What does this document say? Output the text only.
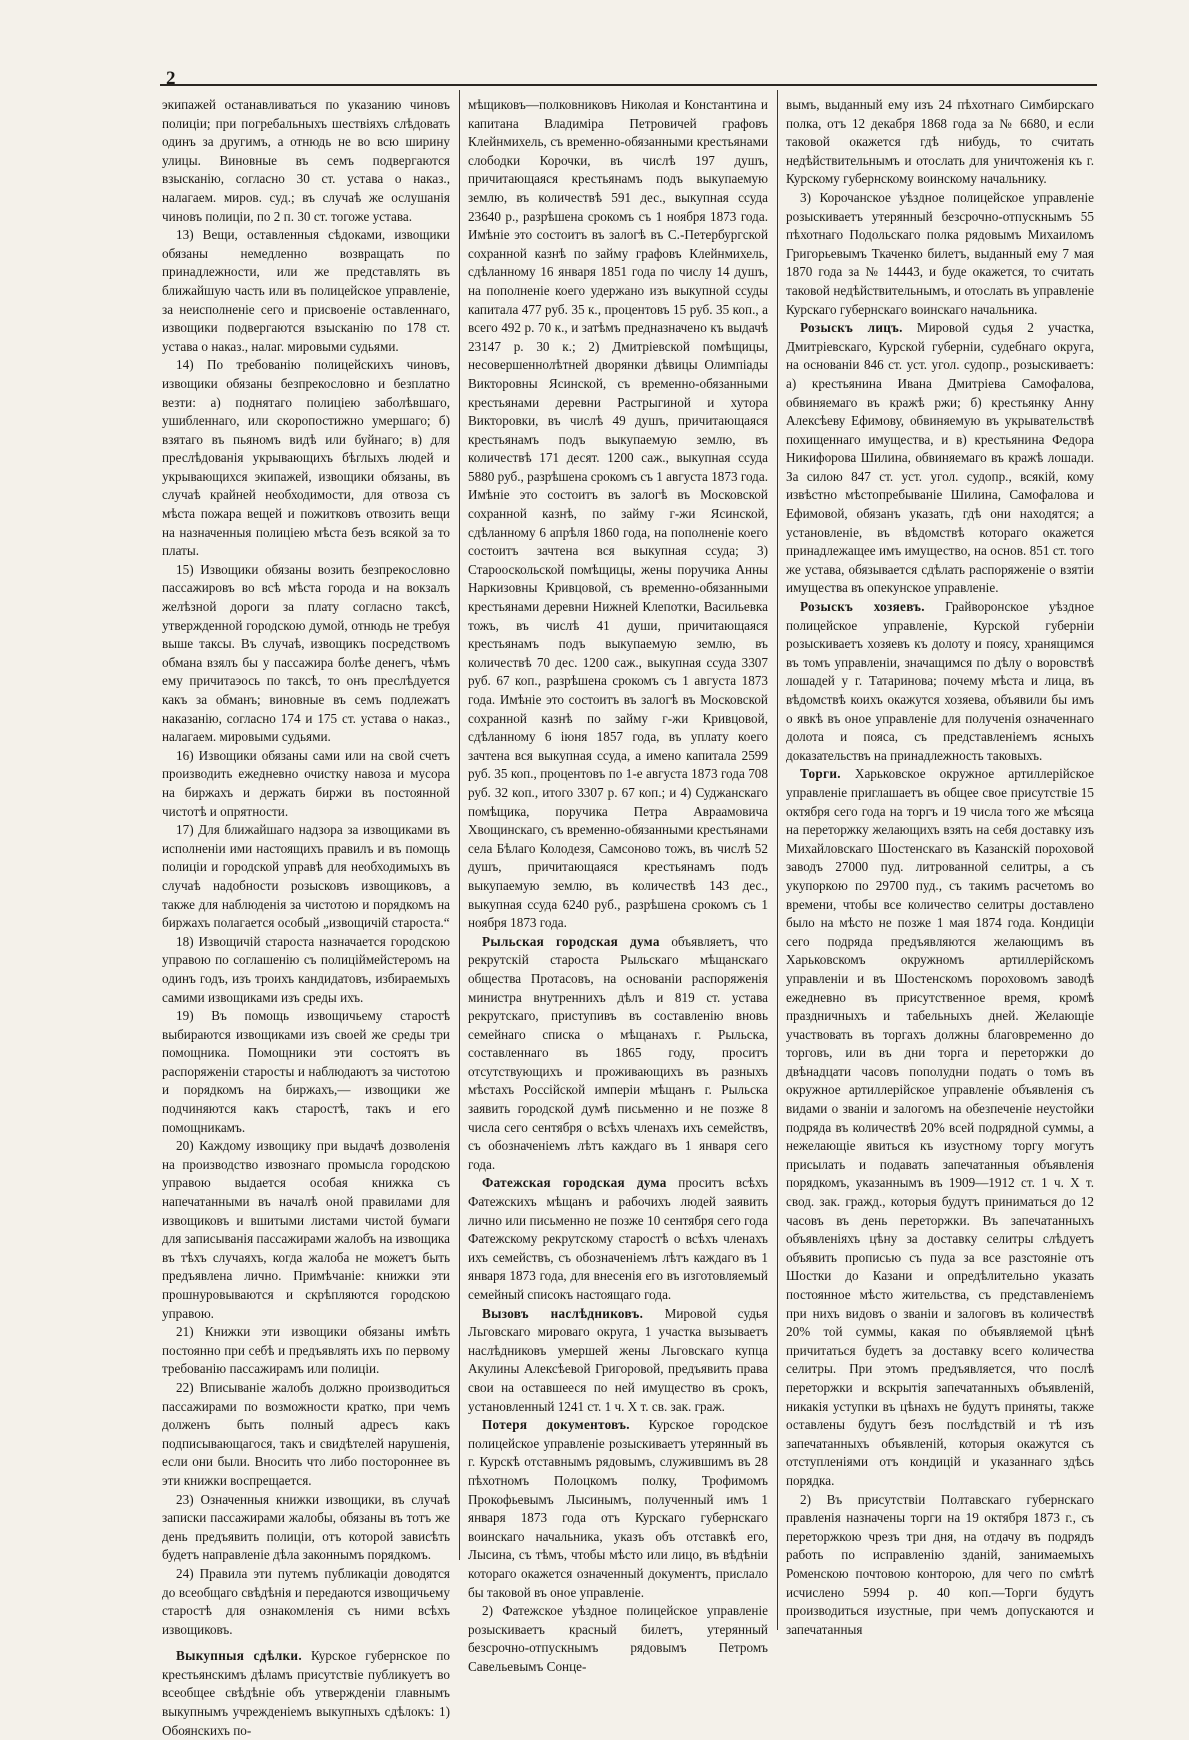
2

экипажей останавливаться по указанию чиновъ полиціи; при погребальныхъ шествіяхъ слѣдовать одинъ за другимъ, а отнюдь не во всю ширину улицы. Виновные въ семъ подвергаются взысканію, согласно 30 ст. устава о наказ., налагаем. миров. суд.; въ случаѣ же ослушанія чиновъ полиціи, по 2 п. 30 ст. тогоже устава.

13) Вещи, оставленныя сѣдоками, извощики обязаны немедленно возвращать по принадлежности, или же представлять въ ближайшую часть или въ полицейское управленіе, за неисполненіе сего и присвоеніе оставленнаго, извощики подвергаются взысканію по 178 ст. устава о наказ., налаг. мировыми судьями.

14) По требованію полицейскихъ чиновъ, извощики обязаны безпрекословно и безплатно везти: а) поднятаго полиціею заболѣвшаго, ушибленнаго, или скоропостижно умершаго; б) взятаго въ пьяномъ видѣ или буйнаго; в) для преслѣдованія укрывающихъ бѣглыхъ людей и укрывающихся экипажей, извощики обязаны, въ случаѣ крайней необходимости, для отвоза съ мѣста пожара вещей и пожитковъ отвозить вещи на назначенныя полиціею мѣста безъ всякой за то платы.

15) Извощики обязаны возить безпрекословно пассажировъ во всѣ мѣста города и на вокзалъ желѣзной дороги за плату согласно таксѣ, утвержденной городскою думой, отнюдь не требуя выше таксы. Въ случаѣ, извощикъ посредствомъ обмана взялъ бы у пассажира болѣе денегъ, чѣмъ ему причитаэось по таксѣ, то онъ преслѣдуется какъ за обманъ; виновные въ семъ подлежатъ наказанію, согласно 174 и 175 ст. устава о наказ., налагаем. мировыми судьями.

16) Извощики обязаны сами или на свой счетъ производить ежедневно очистку навоза и мусора на биржахъ и держать биржи въ постоянной чистотѣ и опрятности.

17) Для ближайшаго надзора за извощиками въ исполненіи ими настоящихъ правилъ и въ помощь полиціи и городской управѣ для необходимыхъ въ случаѣ надобности розысковъ извощиковъ, а также для наблюденія за чистотою и порядкомъ на биржахъ полагается особый „извощичій староста.“

18) Извощичій староста назначается городскою управою по соглашенію съ полиціймейстеромъ на одинъ годъ, изъ троихъ кандидатовъ, избираемыхъ самими извощиками изъ среды ихъ.

19) Въ помощь извощичьему старостѣ выбираются извощиками изъ своей же среды три помощника. Помощники эти состоятъ въ распоряженіи старосты и наблюдаютъ за чистотою и порядкомъ на биржахъ,— извощики же подчиняются какъ старостѣ, такъ и его помощникамъ.

20) Каждому извощику при выдачѣ дозволенія на производство извознаго промысла городскою управою выдается особая книжка съ напечатанными въ началѣ оной правилами для извощиковъ и вшитыми листами чистой бумаги для записыванія пассажирами жалобъ на извощика въ тѣхъ случаяхъ, когда жалоба не можетъ быть предъявлена лично. Примѣчаніе: книжки эти прошнуровываются и скрѣпляются городскою управою.

21) Книжки эти извощики обязаны имѣть постоянно при себѣ и предъявлять ихъ по первому требованію пассажирамъ или полиціи.

22) Вписываніе жалобъ должно производиться пассажирами по возможности кратко, при чемъ долженъ быть полный адресъ какъ подписывающагося, такъ и свидѣтелей нарушенія, если они были. Вносить что либо постороннее въ эти книжки воспрещается.

23) Означенныя книжки извощики, въ случаѣ записки пассажирами жалобы, обязаны въ тотъ же день предъявить полиціи, отъ которой зависѣть будетъ направленіе дѣла законнымъ порядкомъ.

24) Правила эти путемъ публикаціи доводятся до всеобщаго свѣдѣнія и передаются извощичьему старостѣ для ознакомленія съ ними всѣхъ извощиковъ.

Выкупныя сдѣлки. Курское губернское по крестьянскимъ дѣламъ присутствіе публикуетъ во всеобщее свѣдѣніе объ утвержденіи главнымъ выкупнымъ учрежденіемъ выкупныхъ сдѣлокъ: 1) Обоянскихъ по-

мѣщиковъ—полковниковъ Николая и Константина и капитана Владиміра Петровичей графовъ Клейнмихель, съ временно-обязанными крестьянами слободки Корочки, въ числѣ 197 душъ, причитающаяся крестьянамъ подъ выкупаемую землю, въ количествѣ 591 дес., выкупная ссуда 23640 р., разрѣшена срокомъ съ 1 ноября 1873 года. Имѣніе это состоитъ въ залогѣ въ С.-Петербургской сохранной казнѣ по займу графовъ Клейнмихель, сдѣланному 16 января 1851 года по числу 14 душъ, на пополненіе коего удержано изъ выкупной ссуды капитала 477 руб. 35 к., процентовъ 15 руб. 35 коп., а всего 492 р. 70 к., и затѣмъ предназначено къ выдачѣ 23147 р. 30 к.; 2) Дмитріевской помѣщицы, несовершеннолѣтней дворянки дѣвицы Олимпіады Викторовны Ясинской, съ временно-обязанными крестьянами деревни Растрыгиной и хутора Викторовки, въ числѣ 49 душъ, причитающаяся крестьянамъ подъ выкупаемую землю, въ количествѣ 171 десят. 1200 саж., выкупная ссуда 5880 руб., разрѣшена срокомъ съ 1 августа 1873 года. Имѣніе это состоитъ въ залогѣ въ Московской сохранной казнѣ, по займу г-жи Ясинской, сдѣланному 6 апрѣля 1860 года, на пополненіе коего состоитъ зачтена вся выкупная ссуда; 3) Старооскольской помѣщицы, жены поручика Анны Наркизовны Кривцовой, съ временно-обязанными крестьянами деревни Нижней Клепотки, Васильевка тожъ, въ числѣ 41 души, причитающаяся крестьянамъ подъ выкупаемую землю, въ количествѣ 70 дес. 1200 саж., выкупная ссуда 3307 руб. 67 коп., разрѣшена срокомъ съ 1 августа 1873 года. Имѣніе это состоитъ въ залогѣ въ Московской сохранной казнѣ по займу г-жи Кривцовой, сдѣланному 6 іюня 1857 года, въ уплату коего зачтена вся выкупная ссуда, а имено капитала 2599 руб. 35 коп., процентовъ по 1-е августа 1873 года 708 руб. 32 коп., итого 3307 р. 67 коп.; и 4) Суджанскаго помѣщика, поручика Петра Авраамовича Хвощинскаго, съ временно-обязанными крестьянами села Бѣлаго Колодезя, Самсоново тожъ, въ числѣ 52 душъ, причитающаяся крестьянамъ подъ выкупаемую землю, въ количествѣ 143 дес., выкупная ссуда 6240 руб., разрѣшена срокомъ съ 1 ноября 1873 года.

Рыльская городская дума объявляетъ, что рекрутскій староста Рыльскаго мѣщанскаго общества Протасовъ, на основаніи распоряженія министра внутреннихъ дѣлъ и 819 ст. устава рекрутскаго, приступивъ въ составленію вновь семейнаго списка о мѣщанахъ г. Рыльска, составленнаго въ 1865 году, проситъ отсутствующихъ и проживающихъ въ разныхъ мѣстахъ Россійской имперіи мѣщанъ г. Рыльска заявить городской думѣ письменно и не позже 8 числа сего сентября о всѣхъ членахъ ихъ семействъ, съ обозначеніемъ лѣтъ каждаго въ 1 января сего года.

Фатежская городская дума проситъ всѣхъ Фатежскихъ мѣщанъ и рабочихъ людей заявить лично или письменно не позже 10 сентября сего года Фатежскому рекрутскому старостѣ о всѣхъ членахъ ихъ семействъ, съ обозначеніемъ лѣтъ каждаго въ 1 января 1873 года, для внесенія его въ изготовляемый семейный списокъ настоящаго года.

Вызовъ наслѣдниковъ. Мировой судья Льговскаго мироваго округа, 1 участка вызываетъ наслѣдниковъ умершей жены Льговскаго купца Акулины Алексѣевой Григоровой, предъявить права свои на оставшееся по ней имущество въ срокъ, установленный 1241 ст. 1 ч. X т. св. зак. граж.

Потеря документовъ. Курское городское полицейское управленіе розыскиваетъ утерянный въ г. Курскѣ отставнымъ рядовымъ, служившимъ въ 28 пѣхотномъ Полоцкомъ полку, Трофимомъ Прокофьевымъ Лысинымъ, полученный имъ 1 января 1873 года отъ Курскаго губернскаго воинскаго начальника, указъ объ отставкѣ его, Лысина, съ тѣмъ, чтобы мѣсто или лицо, въ вѣдѣніи котораго окажется означенный документъ, прислало бы таковой въ оное управленіе.

2) Фатежское уѣздное полицейское управленіе розыскиваетъ красный билетъ, утерянный безсрочно-отпускнымъ рядовымъ Петромъ Савельевымъ Сонце-

вымъ, выданный ему изъ 24 пѣхотнаго Симбирскаго полка, отъ 12 декабря 1868 года за № 6680, и если таковой окажется гдѣ нибудь, то считать недѣйствительнымъ и отослать для уничтоженія къ г. Курскому губернскому воинскому начальнику.

3) Корочанское уѣздное полицейское управленіе розыскиваетъ утерянный безсрочно-отпускнымъ 55 пѣхотнаго Подольскаго полка рядовымъ Михаиломъ Григорьевымъ Ткаченко билетъ, выданный ему 7 мая 1870 года за № 14443, и буде окажется, то считать таковой недѣйствительнымъ, и отослать въ управленіе Курскаго губернскаго воинскаго начальника.

Розыскъ лицъ. Мировой судья 2 участка, Дмитріевскаго, Курской губерніи, судебнаго округа, на основаніи 846 ст. уст. угол. судопр., розыскиваетъ: а) крестьянина Ивана Дмитріева Самофалова, обвиняемаго въ кражѣ ржи; б) крестьянку Анну Алексѣеву Ефимову, обвиняемую въ укрывательствѣ похищеннаго имущества, и в) крестьянина Федора Никифорова Шилина, обвиняемаго въ кражѣ лошади. За силою 847 ст. уст. угол. судопр., всякій, кому извѣстно мѣстопребываніе Шилина, Самофалова и Ефимовой, обязанъ указать, гдѣ они находятся; а установленіе, въ вѣдомствѣ котораго окажется принадлежащее имъ имущество, на основ. 851 ст. того же устава, обязывается сдѣлать распоряженіе о взятіи имущества въ опекунское управленіе.

Розыскъ хозяевъ. Грайворонское уѣздное полицейское управленіе, Курской губерніи розыскиваетъ хозяевъ къ долоту и поясу, хранящимся въ томъ управленіи, значащимся по дѣлу о воровствѣ лошадей у г. Татаринова; почему мѣста и лица, въ вѣдомствѣ коихъ окажутся хозяева, объявили бы имъ о явкѣ въ оное управленіе для полученія означеннаго долота и пояса, съ представленіемъ ясныхъ доказательствъ на принадлежность таковыхъ.

Торги. Харьковское окружное артиллерійское управленіе приглашаетъ въ общее свое присутствіе 15 октября сего года на торгъ и 19 числа того же мѣсяца на переторжку желающихъ взять на себя доставку изъ Михайловскаго Шостенскаго въ Казанскій пороховой заводъ 27000 пуд. литрованной селитры, а съ укупоркою по 29700 пуд., съ такимъ расчетомъ во времени, чтобы все количество селитры доставлено было на мѣсто не позже 1 мая 1874 года. Кондиціи сего подряда предъявляются желающимъ въ Харьковскомъ окружномъ артиллерійскомъ управленіи и въ Шостенскомъ пороховомъ заводѣ ежедневно въ присутственное время, кромѣ праздничныхъ и табельныхъ дней. Желающіе участвовать въ торгахъ должны благовременно до торговъ, или въ дни торга и переторжки до двѣнадцати часовъ пополудни подать о томъ въ окружное артиллерійское управленіе объявленія съ видами о званіи и залогомъ на обезпеченіе неустойки подряда въ количествѣ 20% всей подрядной суммы, а нежелающіе явиться къ изустному торгу могутъ присылать и подавать запечатанныя объявленія порядкомъ, указаннымъ въ 1909—1912 ст. 1 ч. X т. свод. зак. гражд., которыя будутъ приниматься до 12 часовъ въ день переторжки. Въ запечатанныхъ объявленіяхъ цѣну за доставку селитры слѣдуетъ объявить прописью съ пуда за все разстояніе отъ Шостки до Казани и опредѣлительно указать постоянное мѣсто жительства, съ представленіемъ при нихъ видовъ о званіи и залоговъ въ количествѣ 20% той суммы, какая по объявляемой цѣнѣ причитаться будетъ за доставку всего количества селитры. При этомъ предъявляется, что послѣ переторжки и вскрытія запечатанныхъ объявленій, никакія уступки въ цѣнахъ не будутъ приняты, также оставлены будутъ безъ послѣдствій и тѣ изъ запечатанныхъ объявленій, которыя окажутся съ отступленіями отъ кондицій и указаннаго здѣсь порядка.

2) Въ присутствіи Полтавскаго губернскаго правленія назначены торги на 19 октября 1873 г., съ переторжкою чрезъ три дня, на отдачу въ подрядъ работь по исправленію зданій, занимаемыхъ Роменскою почтовою конторою, для чего по смѣтѣ исчислено 5994 р. 40 коп.—Торги будутъ производиться изустные, при чемъ допускаются и запечатанныя
